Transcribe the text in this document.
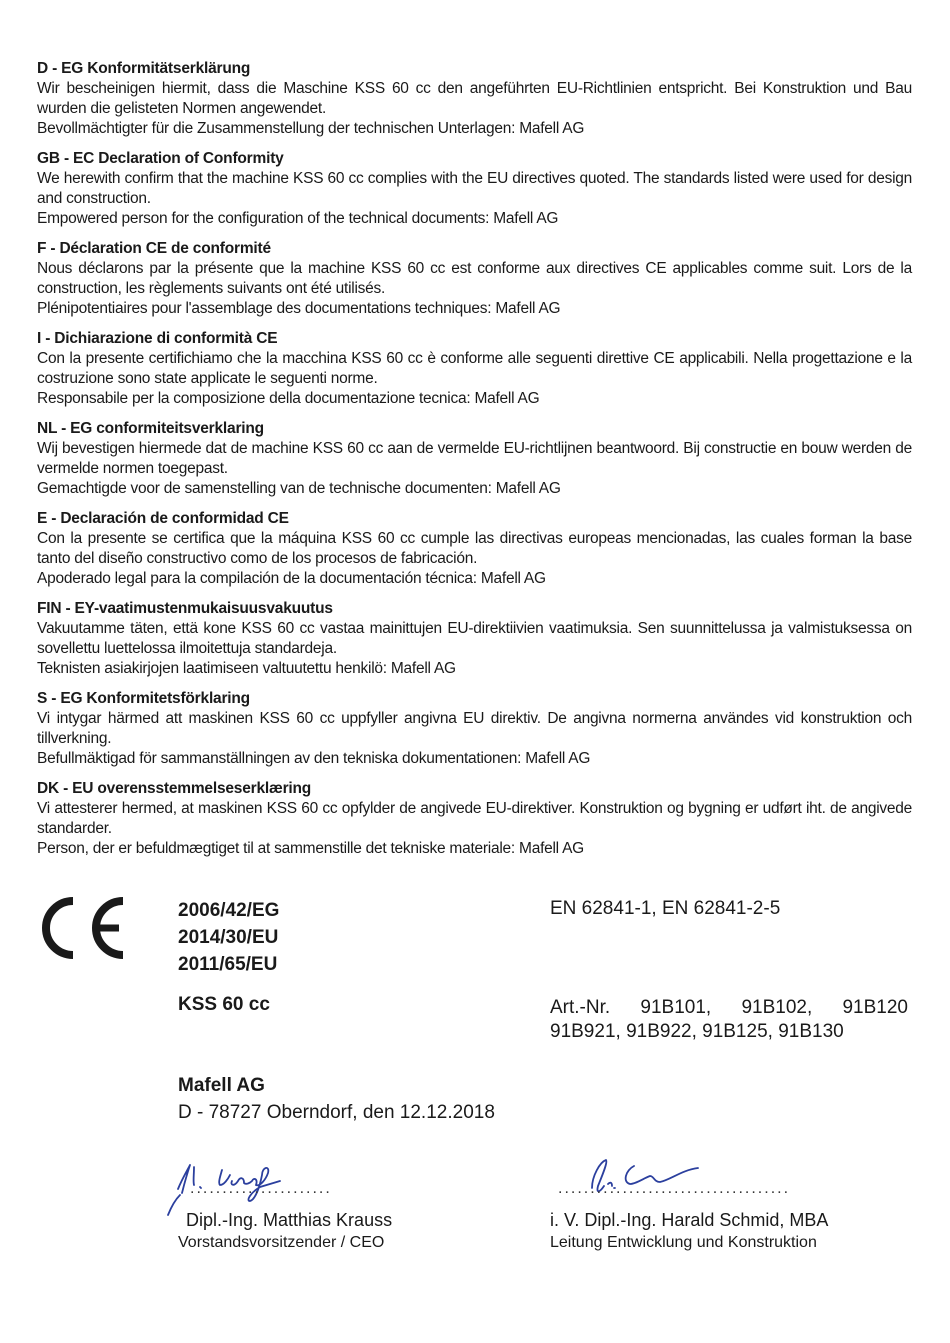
D - EG Konformitätserklärung
Wir bescheinigen hiermit, dass die Maschine KSS 60 cc den angeführten EU-Richtlinien entspricht. Bei Konstruktion und Bau wurden die gelisteten Normen angewendet.
Bevollmächtigter für die Zusammenstellung der technischen Unterlagen: Mafell AG
GB - EC Declaration of Conformity
We herewith confirm that the machine KSS 60 cc complies with the EU directives quoted. The standards listed were used for design and construction.
Empowered person for the configuration of the technical documents: Mafell AG
F - Déclaration CE de conformité
Nous déclarons par la présente que la machine KSS 60 cc est conforme aux directives CE applicables comme suit. Lors de la construction, les règlements suivants ont été utilisés.
Plénipotentiaires pour l'assemblage des documentations techniques: Mafell AG
I - Dichiarazione di conformità CE
Con la presente certifichiamo che la macchina KSS 60 cc è conforme alle seguenti direttive CE applicabili. Nella progettazione e la costruzione sono state applicate le seguenti norme.
Responsabile per la composizione della documentazione tecnica: Mafell AG
NL - EG conformiteitsverklaring
Wij bevestigen hiermede dat de machine KSS 60 cc aan de vermelde EU-richtlijnen beantwoord. Bij constructie en bouw werden de vermelde normen toegepast.
Gemachtigde voor de samenstelling van de technische documenten: Mafell AG
E - Declaración de conformidad CE
Con la presente se certifica que la máquina KSS 60 cc cumple las directivas europeas mencionadas, las cuales forman la base tanto del diseño constructivo como de los procesos de fabricación.
Apoderado legal para la compilación de la documentación técnica: Mafell AG
FIN - EY-vaatimustenmukaisuusvakuutus
Vakuutamme täten, että kone KSS 60 cc vastaa mainittujen EU-direktiivien vaatimuksia. Sen suunnittelussa ja valmistuksessa on sovellettu luettelossa ilmoitettuja standardeja.
Teknisten asiakirjojen laatimiseen valtuutettu henkilö: Mafell AG
S - EG Konformitetsförklaring
Vi intygar härmed att maskinen KSS 60 cc uppfyller angivna EU direktiv. De angivna normerna användes vid konstruktion och tillverkning.
Befullmäktigad för sammanställningen av den tekniska dokumentationen: Mafell AG
DK - EU overensstemmelseserklæring
Vi attesterer hermed, at maskinen KSS 60 cc opfylder de angivede EU-direktiver. Konstruktion og bygning er udført iht. de angivede standarder.
Person, der er befuldmægtiget til at sammenstille det tekniske materiale: Mafell AG
2006/42/EG
2014/30/EU
2011/65/EU
KSS 60 cc
EN 62841-1, EN 62841-2-5
Art.-Nr. 91B101, 91B102, 91B120 91B921, 91B922, 91B125, 91B130
Mafell AG
D - 78727 Oberndorf, den 12.12.2018
......................	....................................
Dipl.-Ing. Matthias Krauss
Vorstandsvorsitzender / CEO
i. V. Dipl.-Ing. Harald Schmid, MBA
Leitung Entwicklung und Konstruktion
